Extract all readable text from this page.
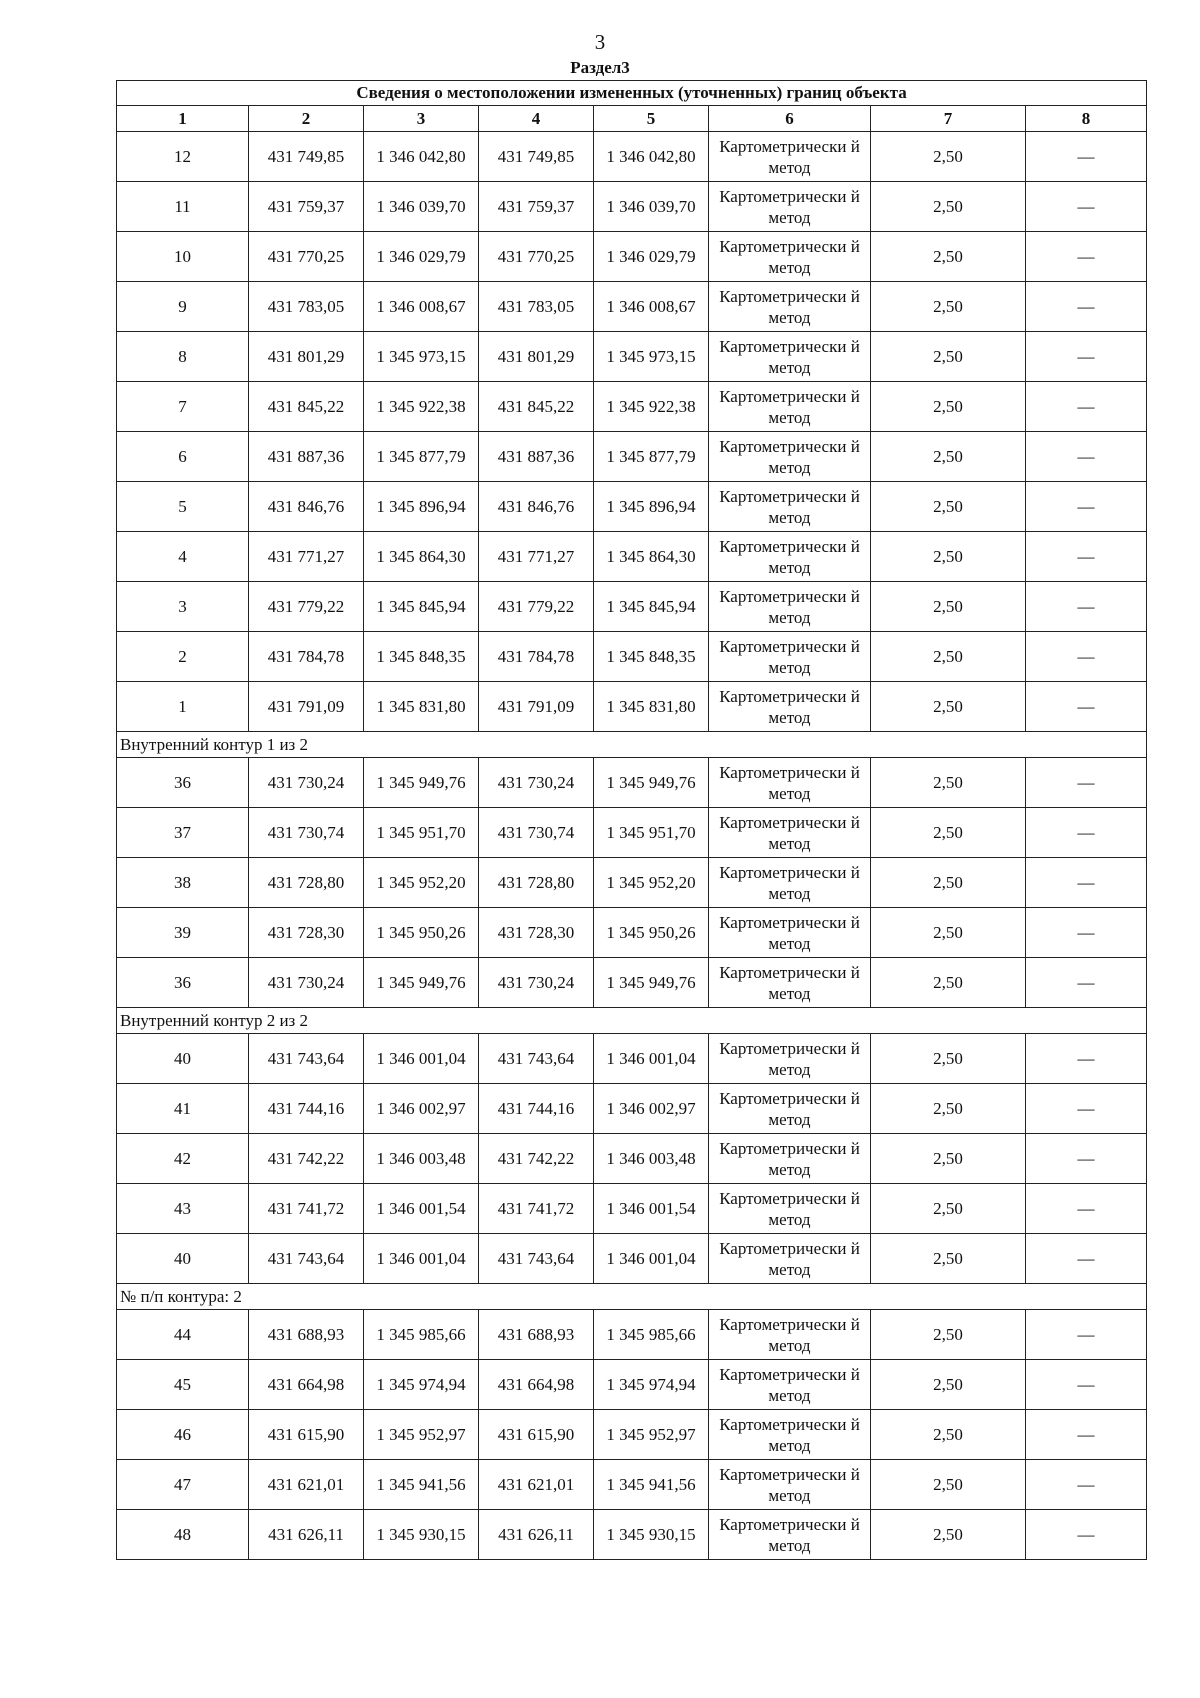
3
Раздел3
Сведения о местоположении измененных (уточненных) границ объекта							
1	2	3	4	5	6	7	8
12	431 749,85	1 346 042,80	431 749,85	1 346 042,80	Картометрически й метод	2,50	—
11	431 759,37	1 346 039,70	431 759,37	1 346 039,70	Картометрически й метод	2,50	—
10	431 770,25	1 346 029,79	431 770,25	1 346 029,79	Картометрически й метод	2,50	—
9	431 783,05	1 346 008,67	431 783,05	1 346 008,67	Картометрически й метод	2,50	—
8	431 801,29	1 345 973,15	431 801,29	1 345 973,15	Картометрически й метод	2,50	—
7	431 845,22	1 345 922,38	431 845,22	1 345 922,38	Картометрически й метод	2,50	—
6	431 887,36	1 345 877,79	431 887,36	1 345 877,79	Картометрически й метод	2,50	—
5	431 846,76	1 345 896,94	431 846,76	1 345 896,94	Картометрически й метод	2,50	—
4	431 771,27	1 345 864,30	431 771,27	1 345 864,30	Картометрически й метод	2,50	—
3	431 779,22	1 345 845,94	431 779,22	1 345 845,94	Картометрически й метод	2,50	—
2	431 784,78	1 345 848,35	431 784,78	1 345 848,35	Картометрически й метод	2,50	—
1	431 791,09	1 345 831,80	431 791,09	1 345 831,80	Картометрически й метод	2,50	—
Внутренний контур 1 из 2							
36	431 730,24	1 345 949,76	431 730,24	1 345 949,76	Картометрически й метод	2,50	—
37	431 730,74	1 345 951,70	431 730,74	1 345 951,70	Картометрически й метод	2,50	—
38	431 728,80	1 345 952,20	431 728,80	1 345 952,20	Картометрически й метод	2,50	—
39	431 728,30	1 345 950,26	431 728,30	1 345 950,26	Картометрически й метод	2,50	—
36	431 730,24	1 345 949,76	431 730,24	1 345 949,76	Картометрически й метод	2,50	—
Внутренний контур 2 из 2							
40	431 743,64	1 346 001,04	431 743,64	1 346 001,04	Картометрически й метод	2,50	—
41	431 744,16	1 346 002,97	431 744,16	1 346 002,97	Картометрически й метод	2,50	—
42	431 742,22	1 346 003,48	431 742,22	1 346 003,48	Картометрически й метод	2,50	—
43	431 741,72	1 346 001,54	431 741,72	1 346 001,54	Картометрически й метод	2,50	—
40	431 743,64	1 346 001,04	431 743,64	1 346 001,04	Картометрически й метод	2,50	—
№ п/п контура: 2							
44	431 688,93	1 345 985,66	431 688,93	1 345 985,66	Картометрически й метод	2,50	—
45	431 664,98	1 345 974,94	431 664,98	1 345 974,94	Картометрически й метод	2,50	—
46	431 615,90	1 345 952,97	431 615,90	1 345 952,97	Картометрически й метод	2,50	—
47	431 621,01	1 345 941,56	431 621,01	1 345 941,56	Картометрически й метод	2,50	—
48	431 626,11	1 345 930,15	431 626,11	1 345 930,15	Картометрически й метод	2,50	—
